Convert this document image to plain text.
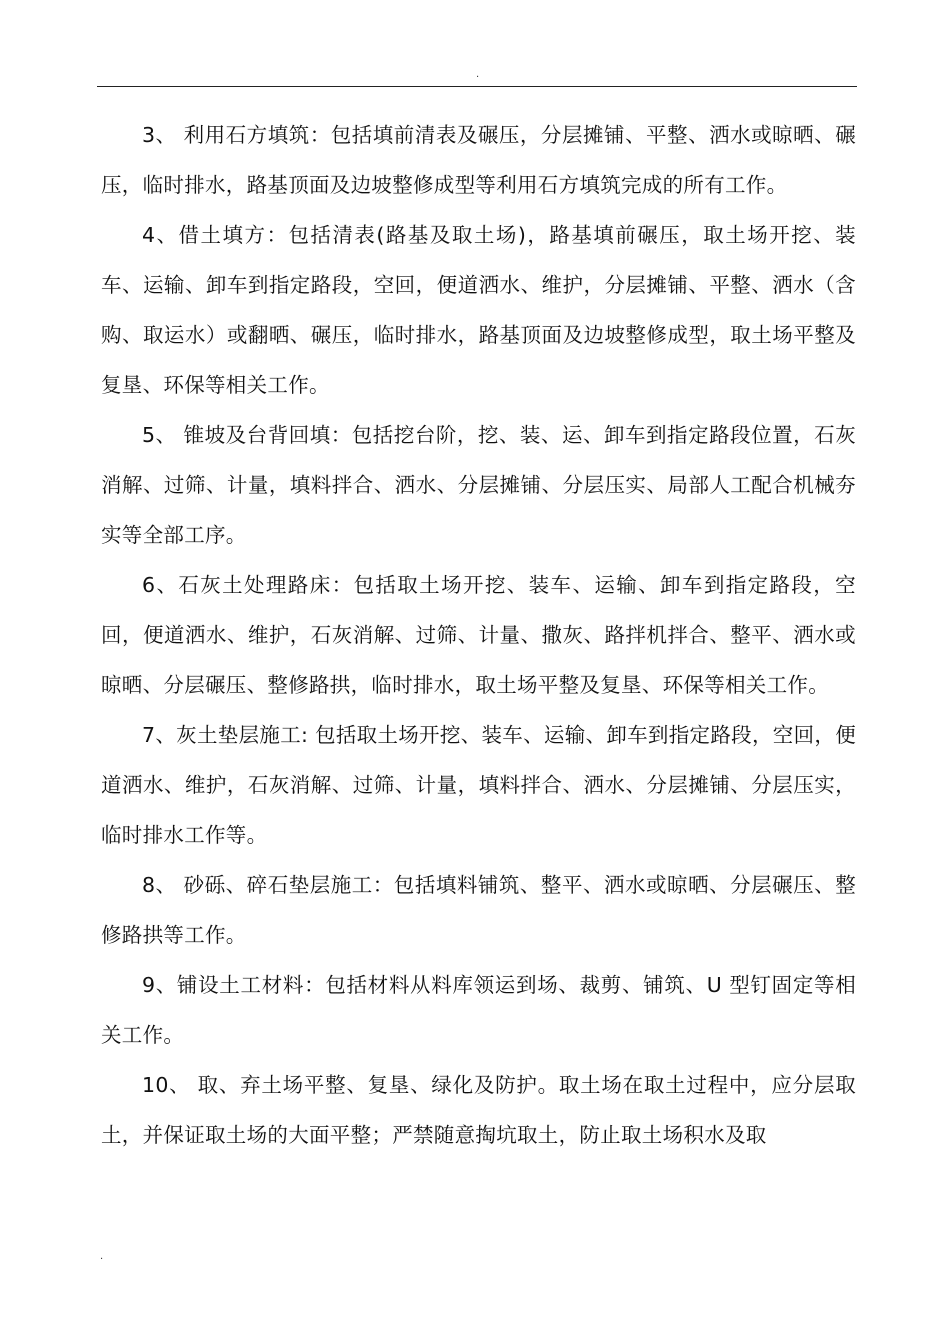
.

3、 利用石方填筑：包括填前清表及碾压，分层摊铺、平整、洒水或晾晒、碾压，临时排水，路基顶面及边坡整修成型等利用石方填筑完成的所有工作。

4、借土填方：包括清表(路基及取土场)，路基填前碾压，取土场开挖、装车、运输、卸车到指定路段，空回，便道洒水、维护，分层摊铺、平整、洒水（含购、取运水）或翻晒、碾压，临时排水，路基顶面及边坡整修成型，取土场平整及复垦、环保等相关工作。

5、 锥坡及台背回填：包括挖台阶，挖、装、运、卸车到指定路段位置，石灰消解、过筛、计量，填料拌合、洒水、分层摊铺、分层压实、局部人工配合机械夯实等全部工序。

6、石灰土处理路床：包括取土场开挖、装车、运输、卸车到指定路段，空回，便道洒水、维护，石灰消解、过筛、计量、撒灰、路拌机拌合、整平、洒水或晾晒、分层碾压、整修路拱，临时排水，取土场平整及复垦、环保等相关工作。

7、灰土垫层施工: 包括取土场开挖、装车、运输、卸车到指定路段，空回，便道洒水、维护，石灰消解、过筛、计量，填料拌合、洒水、分层摊铺、分层压实，临时排水工作等。

8、 砂砾、碎石垫层施工：包括填料铺筑、整平、洒水或晾晒、分层碾压、整修路拱等工作。

9、铺设土工材料：包括材料从料库领运到场、裁剪、铺筑、U 型钉固定等相关工作。

10、 取、弃土场平整、复垦、绿化及防护。取土场在取土过程中，应分层取土，并保证取土场的大面平整；严禁随意掏坑取土，防止取土场积水及取

.
